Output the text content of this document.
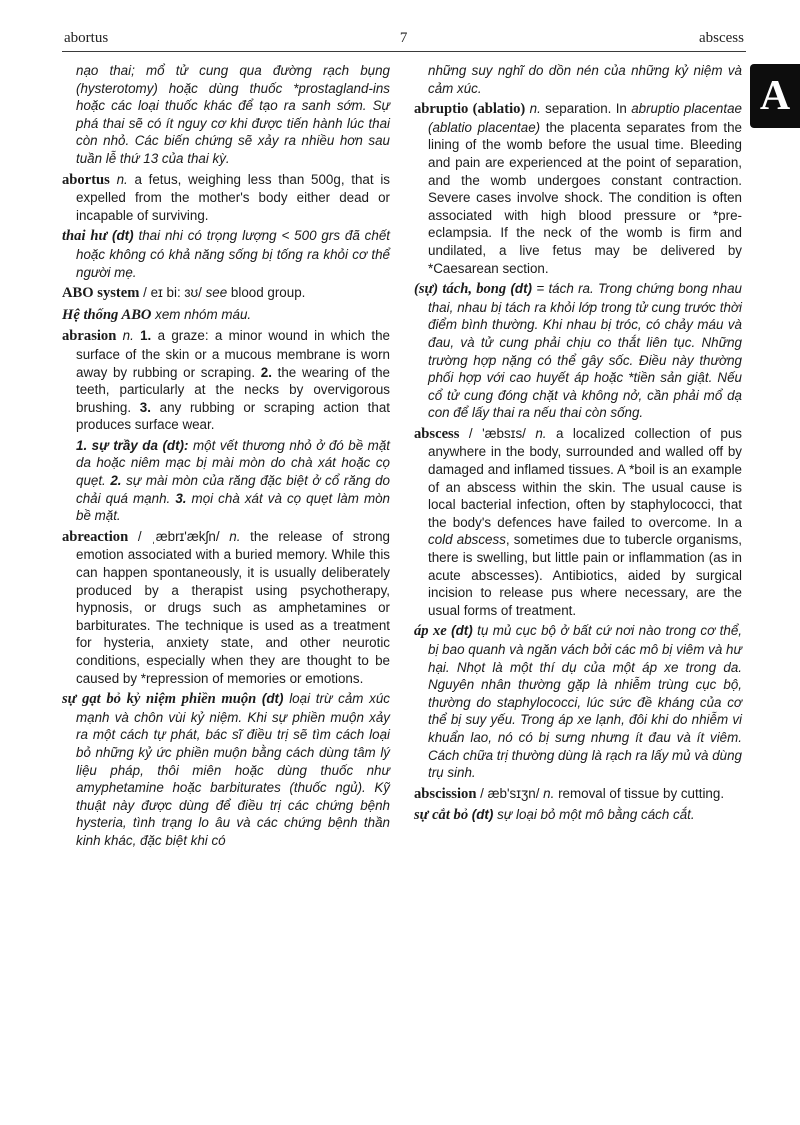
abortus	7	abscess

nạo thai; mổ tử cung qua đường rạch bụng (hysterotomy) hoặc dùng thuốc *prostagland-ins hoặc các loại thuốc khác để tạo ra sanh sớm. Sự phá thai sẽ có ít nguy cơ khi được tiến hành lúc thai còn nhỏ. Các biến chứng sẽ xảy ra nhiều hơn sau tuần lễ thứ 13 của thai kỳ.

abortus n. a fetus, weighing less than 500g, that is expelled from the mother's body either dead or incapable of surviving.

thai hư (dt) thai nhi có trọng lượng < 500 grs đã chết hoặc không có khả năng sống bị tống ra khỏi cơ thể người mẹ.

ABO system / eɪ bi: ɜʊ/ see blood group.

Hệ thống ABO xem nhóm máu.

abrasion n. 1. a graze: a minor wound in which the surface of the skin or a mucous membrane is worn away by rubbing or scraping. 2. the wearing of the teeth, particularly at the necks by overvigorous brushing. 3. any rubbing or scraping action that produces surface wear.

1. sự trầy da (dt): một vết thương nhỏ ở đó bề mặt da hoặc niêm mạc bị mài mòn do chà xát hoặc cọ quẹt. 2. sự mài mòn của răng đặc biệt ở cổ răng do chải quá mạnh. 3. mọi chà xát và cọ quẹt làm mòn bề mặt.

abreaction / ˌæbrɪ'ækʃn/ n. the release of strong emotion associated with a buried memory. While this can happen spontaneously, it is usually deliberately produced by a therapist using psychotherapy, hypnosis, or drugs such as amphetamines or barbiturates. The technique is used as a treatment for hysteria, anxiety state, and other neurotic conditions, especially when they are thought to be caused by *repression of memories or emotions.

sự gạt bỏ kỷ niệm phiền muộn (dt) loại trừ cảm xúc mạnh và chôn vùi kỷ niệm. Khi sự phiền muộn xảy ra một cách tự phát, bác sĩ điều trị sẽ tìm cách loại bỏ những kỷ ức phiền muộn bằng cách dùng tâm lý liệu pháp, thôi miên hoặc dùng thuốc như amyphetamine hoặc barbiturates (thuốc ngủ). Kỹ thuật này được dùng để điều trị các chứng bệnh hysteria, tình trạng lo âu và các chứng bệnh thần kinh khác, đặc biệt khi có

những suy nghĩ do dồn nén của những kỷ niệm và cảm xúc.

abruptio (ablatio) n. separation. In abruptio placentae (ablatio placentae) the placenta separates from the lining of the womb before the usual time. Bleeding and pain are experienced at the point of separation, and the womb undergoes constant contraction. Severe cases involve shock. The condition is often associated with high blood pressure or *pre-eclampsia. If the neck of the womb is firm and undilated, a live fetus may be delivered by *Caesarean section.

(sự) tách, bong (dt) = tách ra. Trong chứng bong nhau thai, nhau bị tách ra khỏi lớp trong tử cung trước thời điểm bình thường. Khi nhau bị tróc, có chảy máu và đau, và tử cung phải chịu co thắt liên tục. Những trường hợp nặng có thể gây sốc. Điều này thường phối hợp với cao huyết áp hoặc *tiền sản giật. Nếu cổ tử cung đóng chặt và không nở, cần phải mổ dạ con để lấy thai ra nếu thai còn sống.

abscess / 'æbsɪs/ n. a localized collection of pus anywhere in the body, surrounded and walled off by damaged and inflamed tissues. A *boil is an example of an abscess within the skin. The usual cause is local bacterial infection, often by staphylococci, that the body's defences have failed to overcome. In a cold abscess, sometimes due to tubercle organisms, there is swelling, but little pain or inflammation (as in acute abscesses). Antibiotics, aided by surgical incision to release pus where necessary, are the usual forms of treatment.

áp xe (dt) tụ mủ cục bộ ở bất cứ nơi nào trong cơ thể, bị bao quanh và ngăn vách bởi các mô bị viêm và hư hại. Nhọt là một thí dụ của một áp xe trong da. Nguyên nhân thường gặp là nhiễm trùng cục bộ, thường do staphylococci, lúc sức đề kháng của cơ thể bị suy yếu. Trong áp xe lạnh, đôi khi do nhiễm vi khuẩn lao, nó có bị sưng nhưng ít đau và ít viêm. Cách chữa trị thường dùng là rạch ra lấy mủ và dùng trụ sinh.

abscission / æb'sɪʒn/ n. removal of tissue by cutting.

sự cắt bỏ (dt) sự loại bỏ một mô bằng cách cắt.

A
